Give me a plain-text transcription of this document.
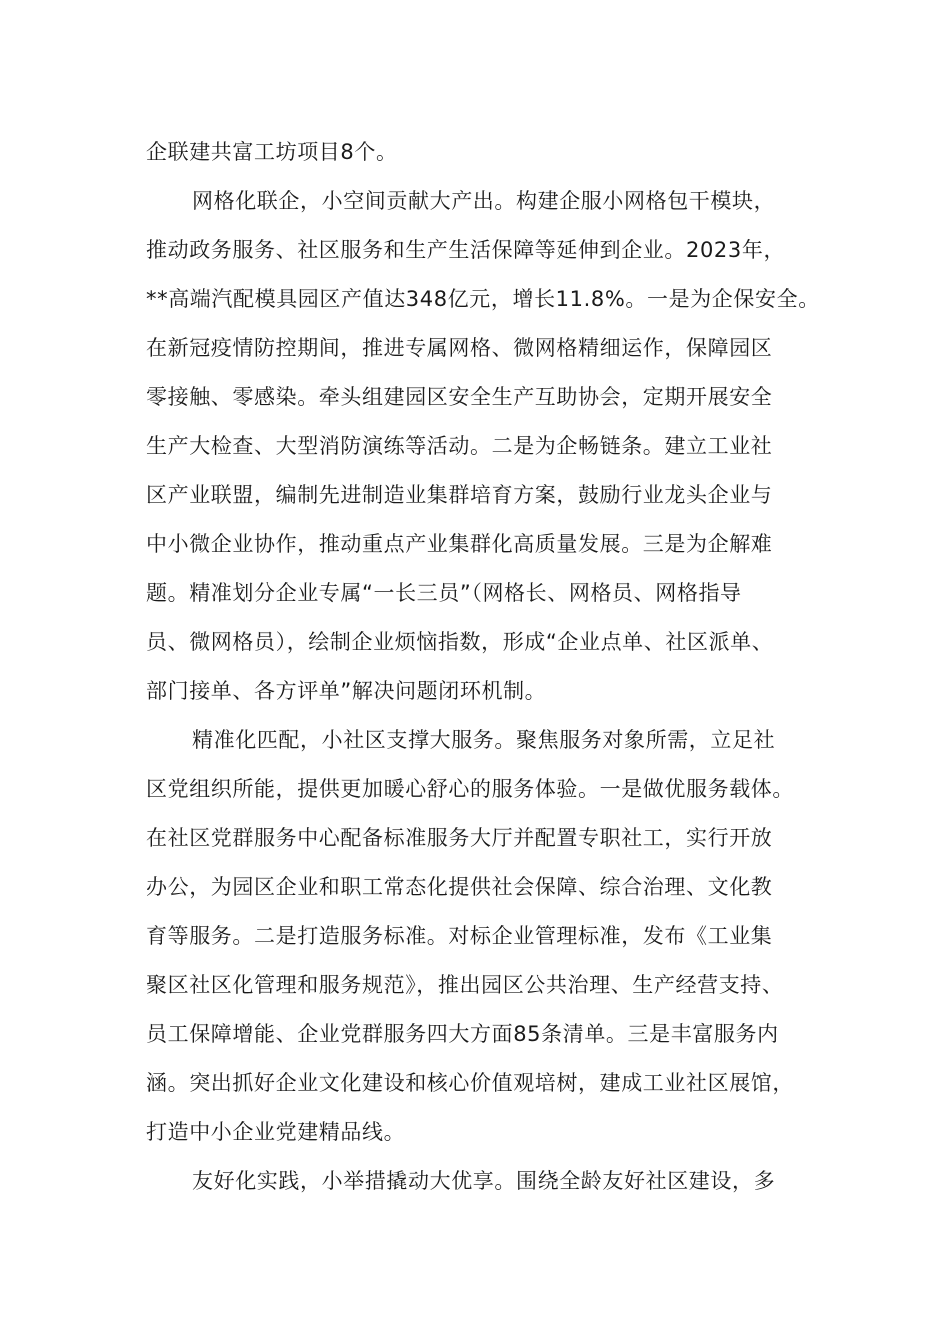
企联建共富工坊项目8个。
网格化联企，小空间贡献大产出。构建企服小网格包干模块，
推动政务服务、社区服务和生产生活保障等延伸到企业。2023年，
**高端汽配模具园区产值达348亿元，增长11.8%。一是为企保安全。
在新冠疫情防控期间，推进专属网格、微网格精细运作，保障园区
零接触、零感染。牵头组建园区安全生产互助协会，定期开展安全
生产大检查、大型消防演练等活动。二是为企畅链条。建立工业社
区产业联盟，编制先进制造业集群培育方案，鼓励行业龙头企业与
中小微企业协作，推动重点产业集群化高质量发展。三是为企解难
题。精准划分企业专属“一长三员”（网格长、网格员、网格指导
员、微网格员），绘制企业烦恼指数，形成“企业点单、社区派单、
部门接单、各方评单”解决问题闭环机制。
精准化匹配，小社区支撑大服务。聚焦服务对象所需，立足社
区党组织所能，提供更加暖心舒心的服务体验。一是做优服务载体。
在社区党群服务中心配备标准服务大厅并配置专职社工，实行开放
办公，为园区企业和职工常态化提供社会保障、综合治理、文化教
育等服务。二是打造服务标准。对标企业管理标准，发布《工业集
聚区社区化管理和服务规范》，推出园区公共治理、生产经营支持、
员工保障增能、企业党群服务四大方面85条清单。三是丰富服务内
涵。突出抓好企业文化建设和核心价值观培树，建成工业社区展馆，
打造中小企业党建精品线。
友好化实践，小举措撬动大优享。围绕全龄友好社区建设，多
